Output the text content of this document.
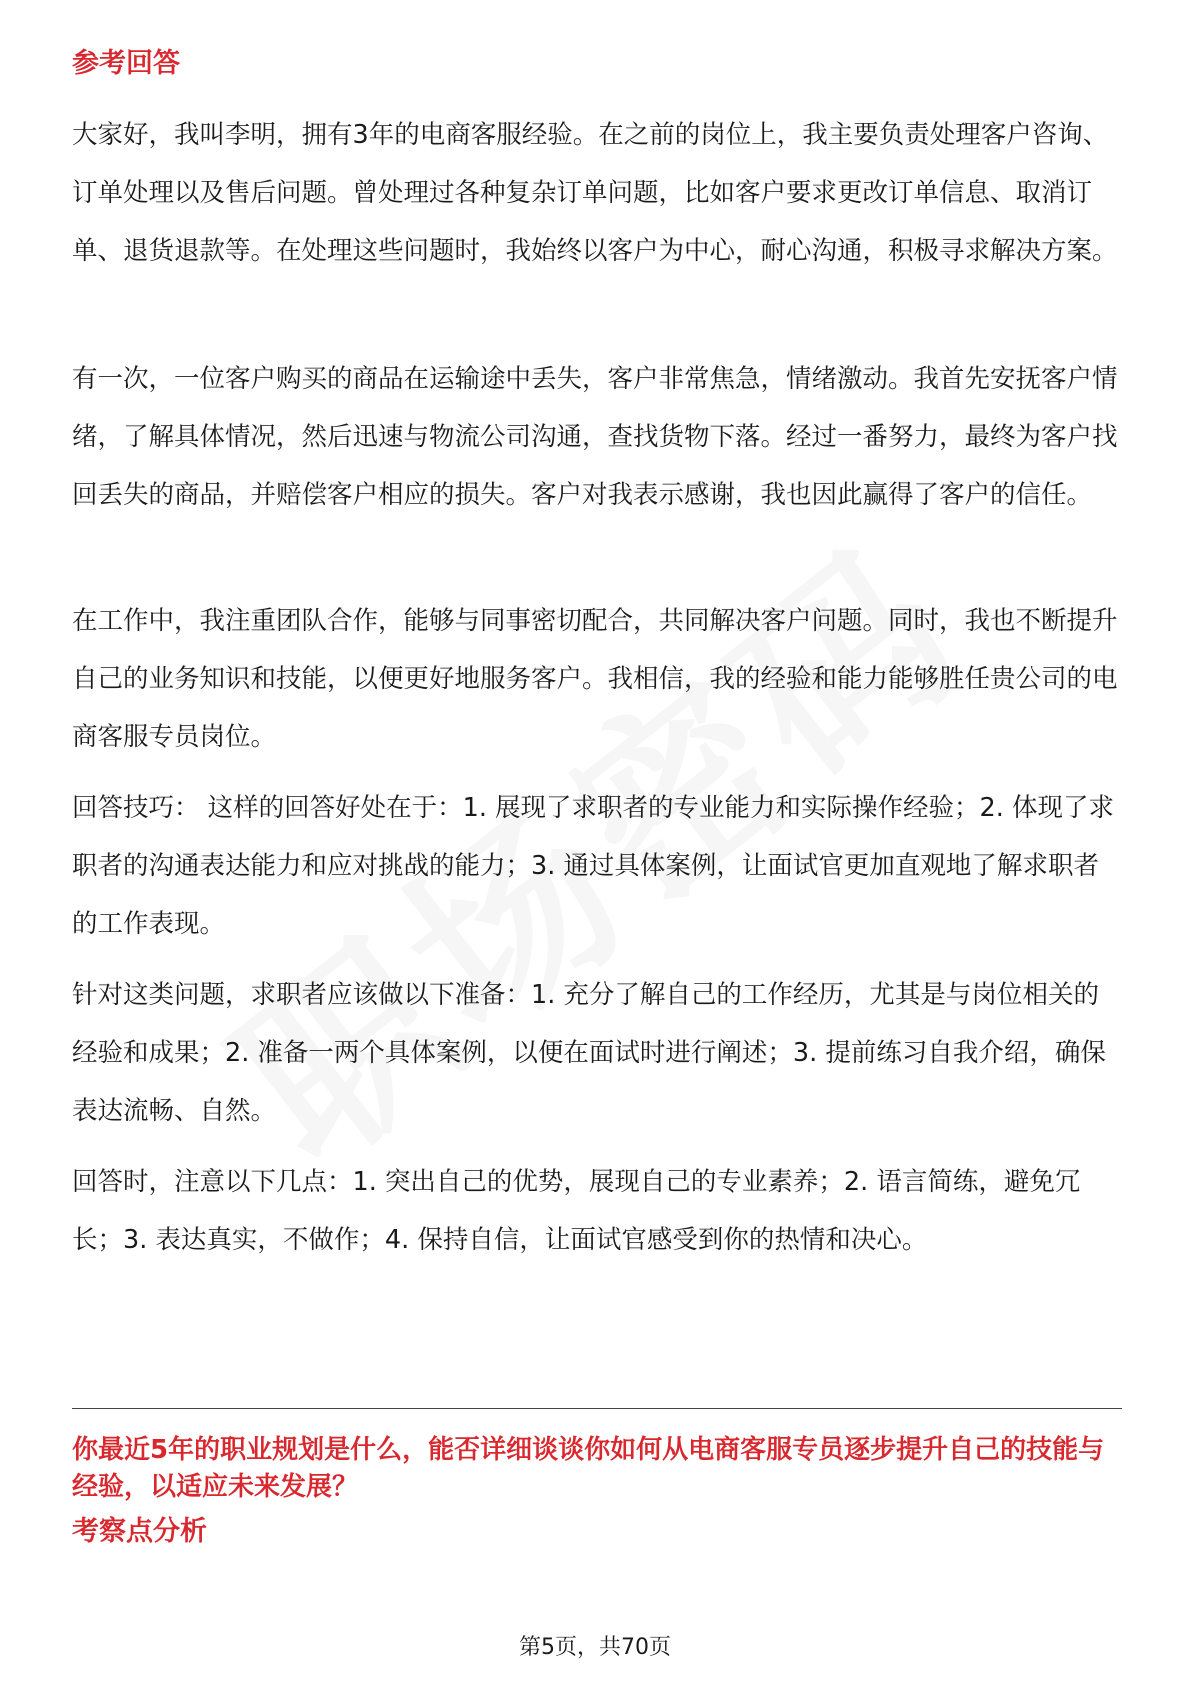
参考回答

大家好，我叫李明，拥有3年的电商客服经验。在之前的岗位上，我主要负责处理客户咨询、订单处理以及售后问题。曾处理过各种复杂订单问题，比如客户要求更改订单信息、取消订单、退货退款等。在处理这些问题时，我始终以客户为中心，耐心沟通，积极寻求解决方案。

有一次，一位客户购买的商品在运输途中丢失，客户非常焦急，情绪激动。我首先安抚客户情绪，了解具体情况，然后迅速与物流公司沟通，查找货物下落。经过一番努力，最终为客户找回丢失的商品，并赔偿客户相应的损失。客户对我表示感谢，我也因此赢得了客户的信任。

在工作中，我注重团队合作，能够与同事密切配合，共同解决客户问题。同时，我也不断提升自己的业务知识和技能，以便更好地服务客户。我相信，我的经验和能力能够胜任贵公司的电商客服专员岗位。

回答技巧： 这样的回答好处在于：1. 展现了求职者的专业能力和实际操作经验；2. 体现了求职者的沟通表达能力和应对挑战的能力；3. 通过具体案例，让面试官更加直观地了解求职者的工作表现。

针对这类问题，求职者应该做以下准备：1. 充分了解自己的工作经历，尤其是与岗位相关的经验和成果；2. 准备一两个具体案例，以便在面试时进行阐述；3. 提前练习自我介绍，确保表达流畅、自然。

回答时，注意以下几点：1. 突出自己的优势，展现自己的专业素养；2. 语言简练，避免冗长；3. 表达真实，不做作；4. 保持自信，让面试官感受到你的热情和决心。

你最近5年的职业规划是什么，能否详细谈谈你如何从电商客服专员逐步提升自己的技能与经验，以适应未来发展？

考察点分析
第5页，共70页
